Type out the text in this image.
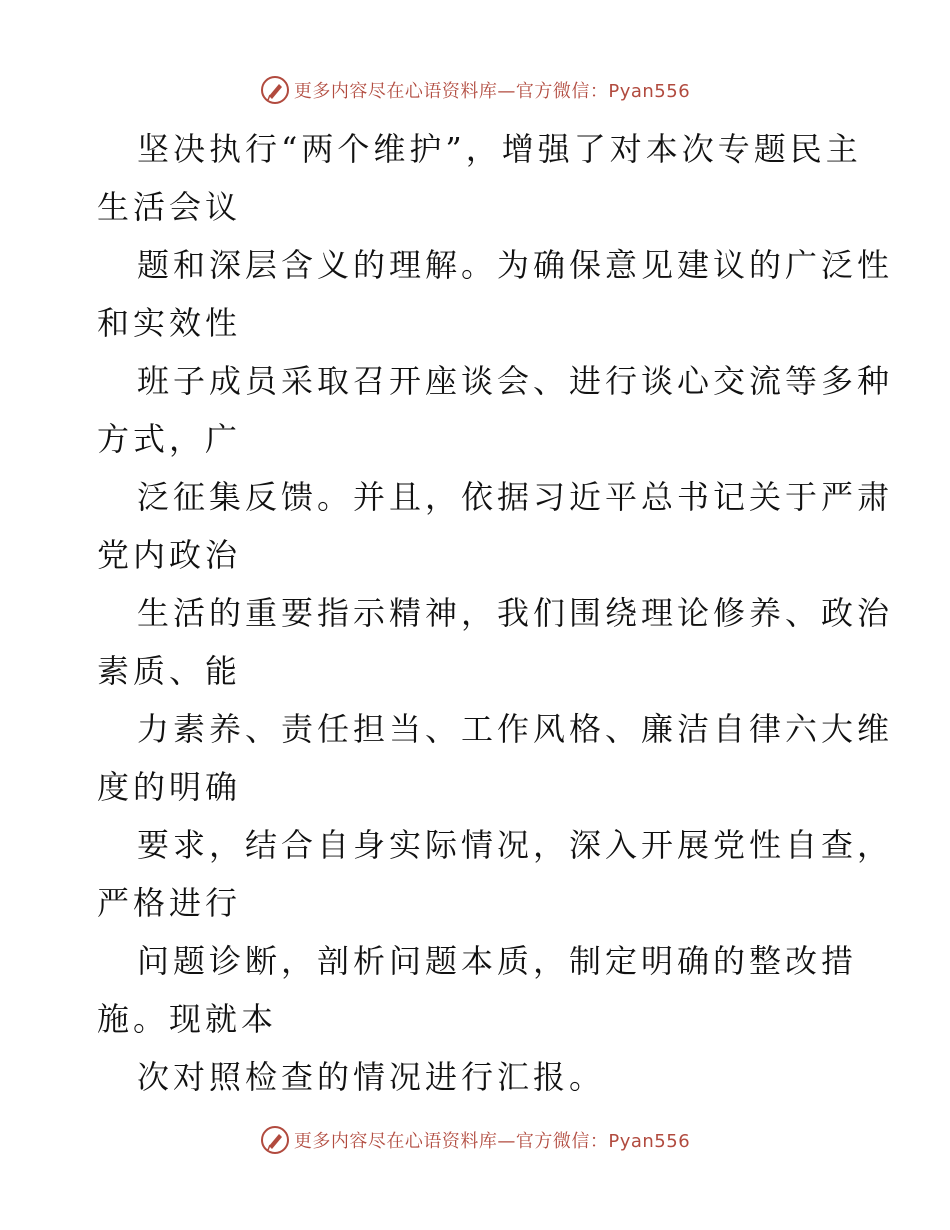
更多内容尽在心语资料库—官方微信：Pyan556
坚决执行“两个维护”，增强了对本次专题民主
生活会议
题和深层含义的理解。为确保意见建议的广泛性
和实效性
班子成员采取召开座谈会、进行谈心交流等多种
方式，广
泛征集反馈。并且，依据习近平总书记关于严肃
党内政治
生活的重要指示精神，我们围绕理论修养、政治
素质、能
力素养、责任担当、工作风格、廉洁自律六大维
度的明确
要求，结合自身实际情况，深入开展党性自查，
严格进行
问题诊断，剖析问题本质，制定明确的整改措
施。现就本
次对照检查的情况进行汇报。
更多内容尽在心语资料库—官方微信：Pyan556
